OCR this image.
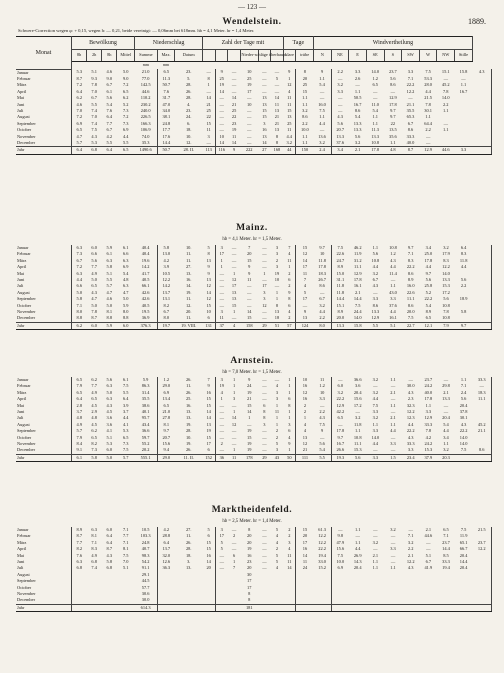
— 123 —
1889.
Wendelstein.
Schwere-Correction wegen φ: + 0,15, wegen h: — 0,21, beide vereinigt: — 0,06mm bei 618mm. hb = 4,1 Meter. hr = 1,4 Meter.
Monat	Bewölkung				Niederschlag			Zahl der Tage mit						Tage		Windvertheilung									
	8h	2h	8h	Mittel	Summe	Max.	Datum				Nieder-schläge überhaupt			klare	trübe	N	NE	E	SE	S	SW	W	NW	Stille	
					mm	mm																			
Januar	5.3	5.1	4.6	5.0	21.0	6.5	23.	—	9	—	10	—	—	9	8	9	2.2	3.3	14.0	23.7	3.3	7.5	15.1	15.8	4.3
Februar	8.7	9.3	9.0	9.0	77.0	11.3	5.	8	25	—	25	—	5	1	20	1.1	—	2.6	1.2	5.6	7.1	53.3	—	—	
März	7.2	7.8	6.7	7.2	142.5	50.7	28.	1	19	—	19	—	—	12	25	5.4	3.2	—	6.5	8.6	22.2	28.0	45.2	1.1	
April	6.4	7.0	6.1	6.5	44.6	7.6	26.	—	14	—	17	—	—	4	15	—	3.3	1.1	—	—	12.2	4.4	7.8	16.7	
Mai	6.2	6.7	5.6	6.2	110.2	31.7	28.	14	—	14	—	13	14	11	1.1	—	—	50.5	—	12.9	—	21.5	14.0		
Juni	4.6	5.5	5.4	5.2	230.2	47.0	4.	21	—	21	10	13	11	11	1.1	16.0	—	16.7	11.0	17.8	21.1	7.8	2.2		
Juli	7.0	7.4	7.6	7.3	240.0	34.0	23.	25	—	25	—	15	13	15	3.2	7.5	—	8.6	5.4	9.7	35.5	30.1	1.1		
August	7.2	7.0	6.4	7.2	226.5	38.1	24.	22	—	22	—	15	21	13	8.6	1.1	4.3	5.4	1.1	9.7	65.3	1.1			
September	6.9	7.4	7.7	7.3	166.3	24.8	6.	15	—	23	—	3	21	25	2.2	4.4	5.6	13.3	1.1	22	6.7	64.4	—		
October	6.5	7.5	6.7	6.9	106.9	17.7	18.	11	—	19	—	16	13	11	10.0	—	20.7	13.3	11.3	13.5	8.6	2.2	1.1		
November	4.7	4.3	4.2	4.4	74.0	17.6	10.	3	10	11	—	13	8	4.4	1.1	13.6	13.3	5.6	13.3	35.6	33.3	—			
December	5.7	5.3	5.5	5.5	35.3	14.4	12.	—	14	14	—	14	8	3.2	1.1	3.2	37.6	3.2	10.8	1.1	40.0	—			
Jahr	6.4	6.8	6.4	6.5	1490.6	50.7	28. II.	113	116	9	222	27	168	44	150	2.4	3.4	2.1	17.8	4.8	8.7	12.9	44.6	3.3	
Mainz.
hb = 4,1 Meter. hr = 1,5 Meter.
Januar	6.3	6.0	5.9	6.1	40.4	5.8	10.	5	3	—	7	—	3	7	15	9.7	7.5	46.2	1.1	10.8	9.7	3.4	3.2	6.4	
Februar	7.3	6.6	6.1	6.6	40.4	13.0	11.	8	17	—	20	—	3	4	12	10	22.6	11.9	5.6	1.2	7.1	25.0	17.9	8.3	
März	6.7	5.6	6.3	6.3	19.6	4.2	11.	13	1	—	15	—	2	11	14	11.8	24.7	31.2	10.8	4.3	8.3	17.8	8.3	11.8	
April	7.2	7.7	5.8	6.9	14.2	3.9	27.	9	1	—	9	—	3	1	17	17.8	8.9	11.1	4.4	4.4	22.2	4.4	12.2	4.4	
Mai	6.3	4.9	5.1	5.4	41.7	10.5	13.	9	—	1	9	1	19	2	11	18.3	15.0	12.9	3.2	11.4	8.6	9.7	14.0		
Juni	4.4	5.0	5.5	4.8	40.5	12.2	16.	13	—	12	11	—	10	6	7	26.7	31.1	17.8	6.7	—	8.9	5.6	13.3	5.6	
Juli	6.6	6.5	5.7	6.3	66.1	14.2	14.	12	—	17	—	17	—	2	4	8.6	11.8	16.1	4.3	1.1	16.0	25.8	15.3	2.2	
August	5.0	4.3	4.7	4.7	42.6	13.7	19.	14	—	13	—	3	1	9	5	—	11.8	2.1	—	43.0	22.6	5.2	17.2		
September	5.8	4.7	4.6	5.0	42.6	13.1	11.	12	—	13	—	3	1	8	17	6.7	14.4	14.4	3.3	3.3	11.1	22.2	5.6	18.9	
October	7.1	5.0	5.0	5.9	40.5	8.2	12.	15	—	15	—	12	8	6	—	3.2	15.1	7.5	8.6	37.6	8.6	5.4	10.8		
November	8.0	7.8	8.1	8.0	19.5	6.7	20.	10	3	1	14	—	13	4	9	4.4	8.9	24.4	13.3	4.4	20.0	8.9	7.8	5.8	
December	8.8	8.7	8.8	8.8	36.9	8.0	11.	6	11	—	15	—	18	2	13	2.2	20.0	14.0	12.9	16.1	7.5	6.5	10.8		
Jahr	6.2	6.0	5.9	6.0	376.3	19.7	19. VIII.	131	37	4	158	29	51	57	124	8.0	13.3	15.8	5.5	5.1	22.7	12.1	7.9	9.7	
Arnstein.
hb = 7,0 Meter. hr = 1,5 Meter.
Januar	6.5	6.2	5.6	6.1	5.9	1.2	26.	7	3	1	9	—	—	1	10	11	—	36.6	3.2	1.1	—	23.7	—	1.1	33.3
Februar	7.9	7.7	6.3	7.5	86.3	29.0	11.	9	19	1	24	—	4	1	16	1.2	6.0	3.6	—	—	30.0	24.2	29.8	7.1	—
März	6.5	4.9	5.0	5.5	31.4	6.9	26.	16	4	1	19	—	3	1	12	10	3.2	20.4	3.2	2.1	4.3	40.0	2.1	2.4	18.3
April	6.4	6.5	6.3	6.4	35.5	13.4	25.	15	1	3	21	—	3	6	16	3.3	22.2	15.6	4.4	—	2.3	17.8	13.3	5.6	11.1
Mai	2.8	4.5	4.3	3.9	38.6	6.5	16.	15	—	—	15	6	1	8	2	—	12.9	17.2	7.5	1.1	32.3	1.1	—	20.4	
Juni	3.7	2.9	4.5	3.7	40.1	21.0	13.	14	—	1	14	8	11	1	2	2.2	42.2	—	3.3	—	12.2	3.3	—	37.8	
Juli	4.8	4.8	3.6	4.4	95.7	27.8	13.	14	—	14	1	8	1	1	1	4.3	6.5	3.2	3.2	2.1	12.3	12.9	20.4	30.1	
August	4.9	4.5	3.6	4.1	43.4	8.1	19.	13	—	12	—	3	1	3	4	7.5	—	11.8	1.1	1.1	4.4	33.3	5.4	4.3	45.2
September	5.7	6.2	4.1	5.3	36.6	9.7	28.	19	—	—	19	—	2	6	4	9	17.8	1.1	3.3	4.4	22.2	7.8	4.4	22.2	21.1
October	7.9	6.5	5.1	6.5	59.7	20.7	10.	15	—	—	15	—	2	4	13	—	9.7	10.8	14.0	—	4.3	4.2	3.4	14.0	
November	8.4	8.2	5.3	7.3	55.2	15.6	19.	17	2	—	19	—	5	9	12	5.6	16.7	11.1	4.4	3.3	33.3	24.2	1.1	14.0	
December	9.1	7.3	6.0	7.5	20.2	9.4	26.	6	—	1	19	—	3	1	21	5.4	26.6	15.3	—	—	3.3	15.3	3.2	7.5	8.6
Jahr	6.1	5.8	5.0	5.7	555.1	29.0	11. II.	152	36	11	178	29	43	50	111	5.5	19.3	5.6	3.3	1.5	23.4	37.9	20.3		
Marktheidenfeld.
hb = 2,5 Meter. hr = 1,4 Meter.
Januar	8.9	6.3	6.0	7.1	10.5	4.2	27.	5	3	—	8	—	5	2	15	61.3	—	1.1	—	3.2	—	2.1	6.5	7.5	21.5
Februar	8.7	8.1	6.4	7.7	103.3	28.8	11.	6	17	2	20	—	4	2	20	12.2	9.8	—	—	—	7.1	44.6	7.1	11.9	
März	7.7	7.1	6.4	7.1	24.8	6.4	26.	15	5	—	20	—	4	3	17	12.2	47.9	1.1	3.2	—	3.2	—	23.7	65.1	23.7
April	8.2	8.3	8.7	8.1	40.7	13.7	28.	15	5	—	19	—	2	4	16	22.2	15.6	4.4	—	3.3	2.2	—	14.4	66.7	12.2
Mai	7.6	4.9	4.3	7.5	98.3	32.0	18.	16	—	6	16	—	5	11	14	19.4	7.5	26.9	2.1	—	2.1	5.1	8.5	20.4	
Juni	6.3	6.8	5.8	7.0	54.2	12.6	3.	14	—	1	23	—	5	11	11	33.0	10.0	14.3	1.1	—	12.2	6.7	33.3	14.4	
Juli	6.8	7.4	6.8	5.1	91.1	36.3	13.	20	—	7	20	—	4	14	24	15.2	6.9	20.4	1.1	1.1	4.3	41.9	19.4	20.4	
August					29.1						30														
September					44.5						17														
October					57.7						17														
November					30.6						8														
December					30.0						8														
Jahr					614.3						181														
